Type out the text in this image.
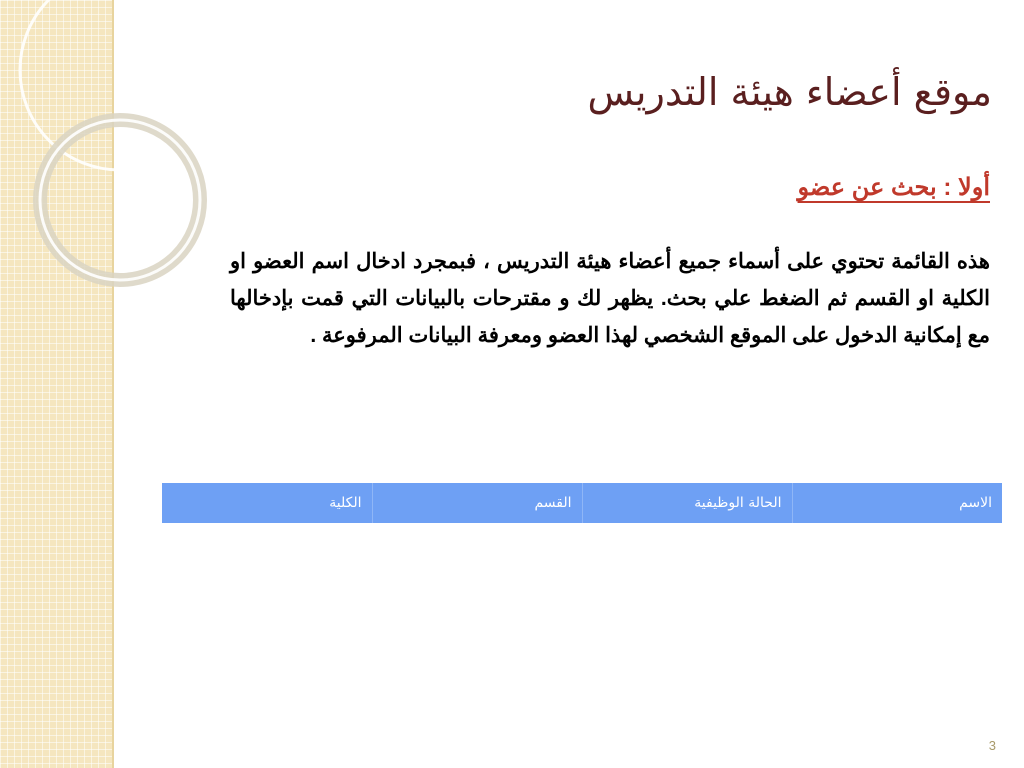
موقع أعضاء هيئة التدريس
أولا : بحث عن عضو

هذه القائمة تحتوي على أسماء جميع أعضاء هيئة التدريس ، فبمجرد ادخال اسم العضو او الكلية او القسم ثم الضغط علي بحث. يظهر لك و مقترحات بالبيانات التي قمت بإدخالها مع إمكانية الدخول على الموقع الشخصي لهذا العضو ومعرفة البيانات المرفوعة .

الاسم	الحالة الوظيفية	القسم	الكلية
3
